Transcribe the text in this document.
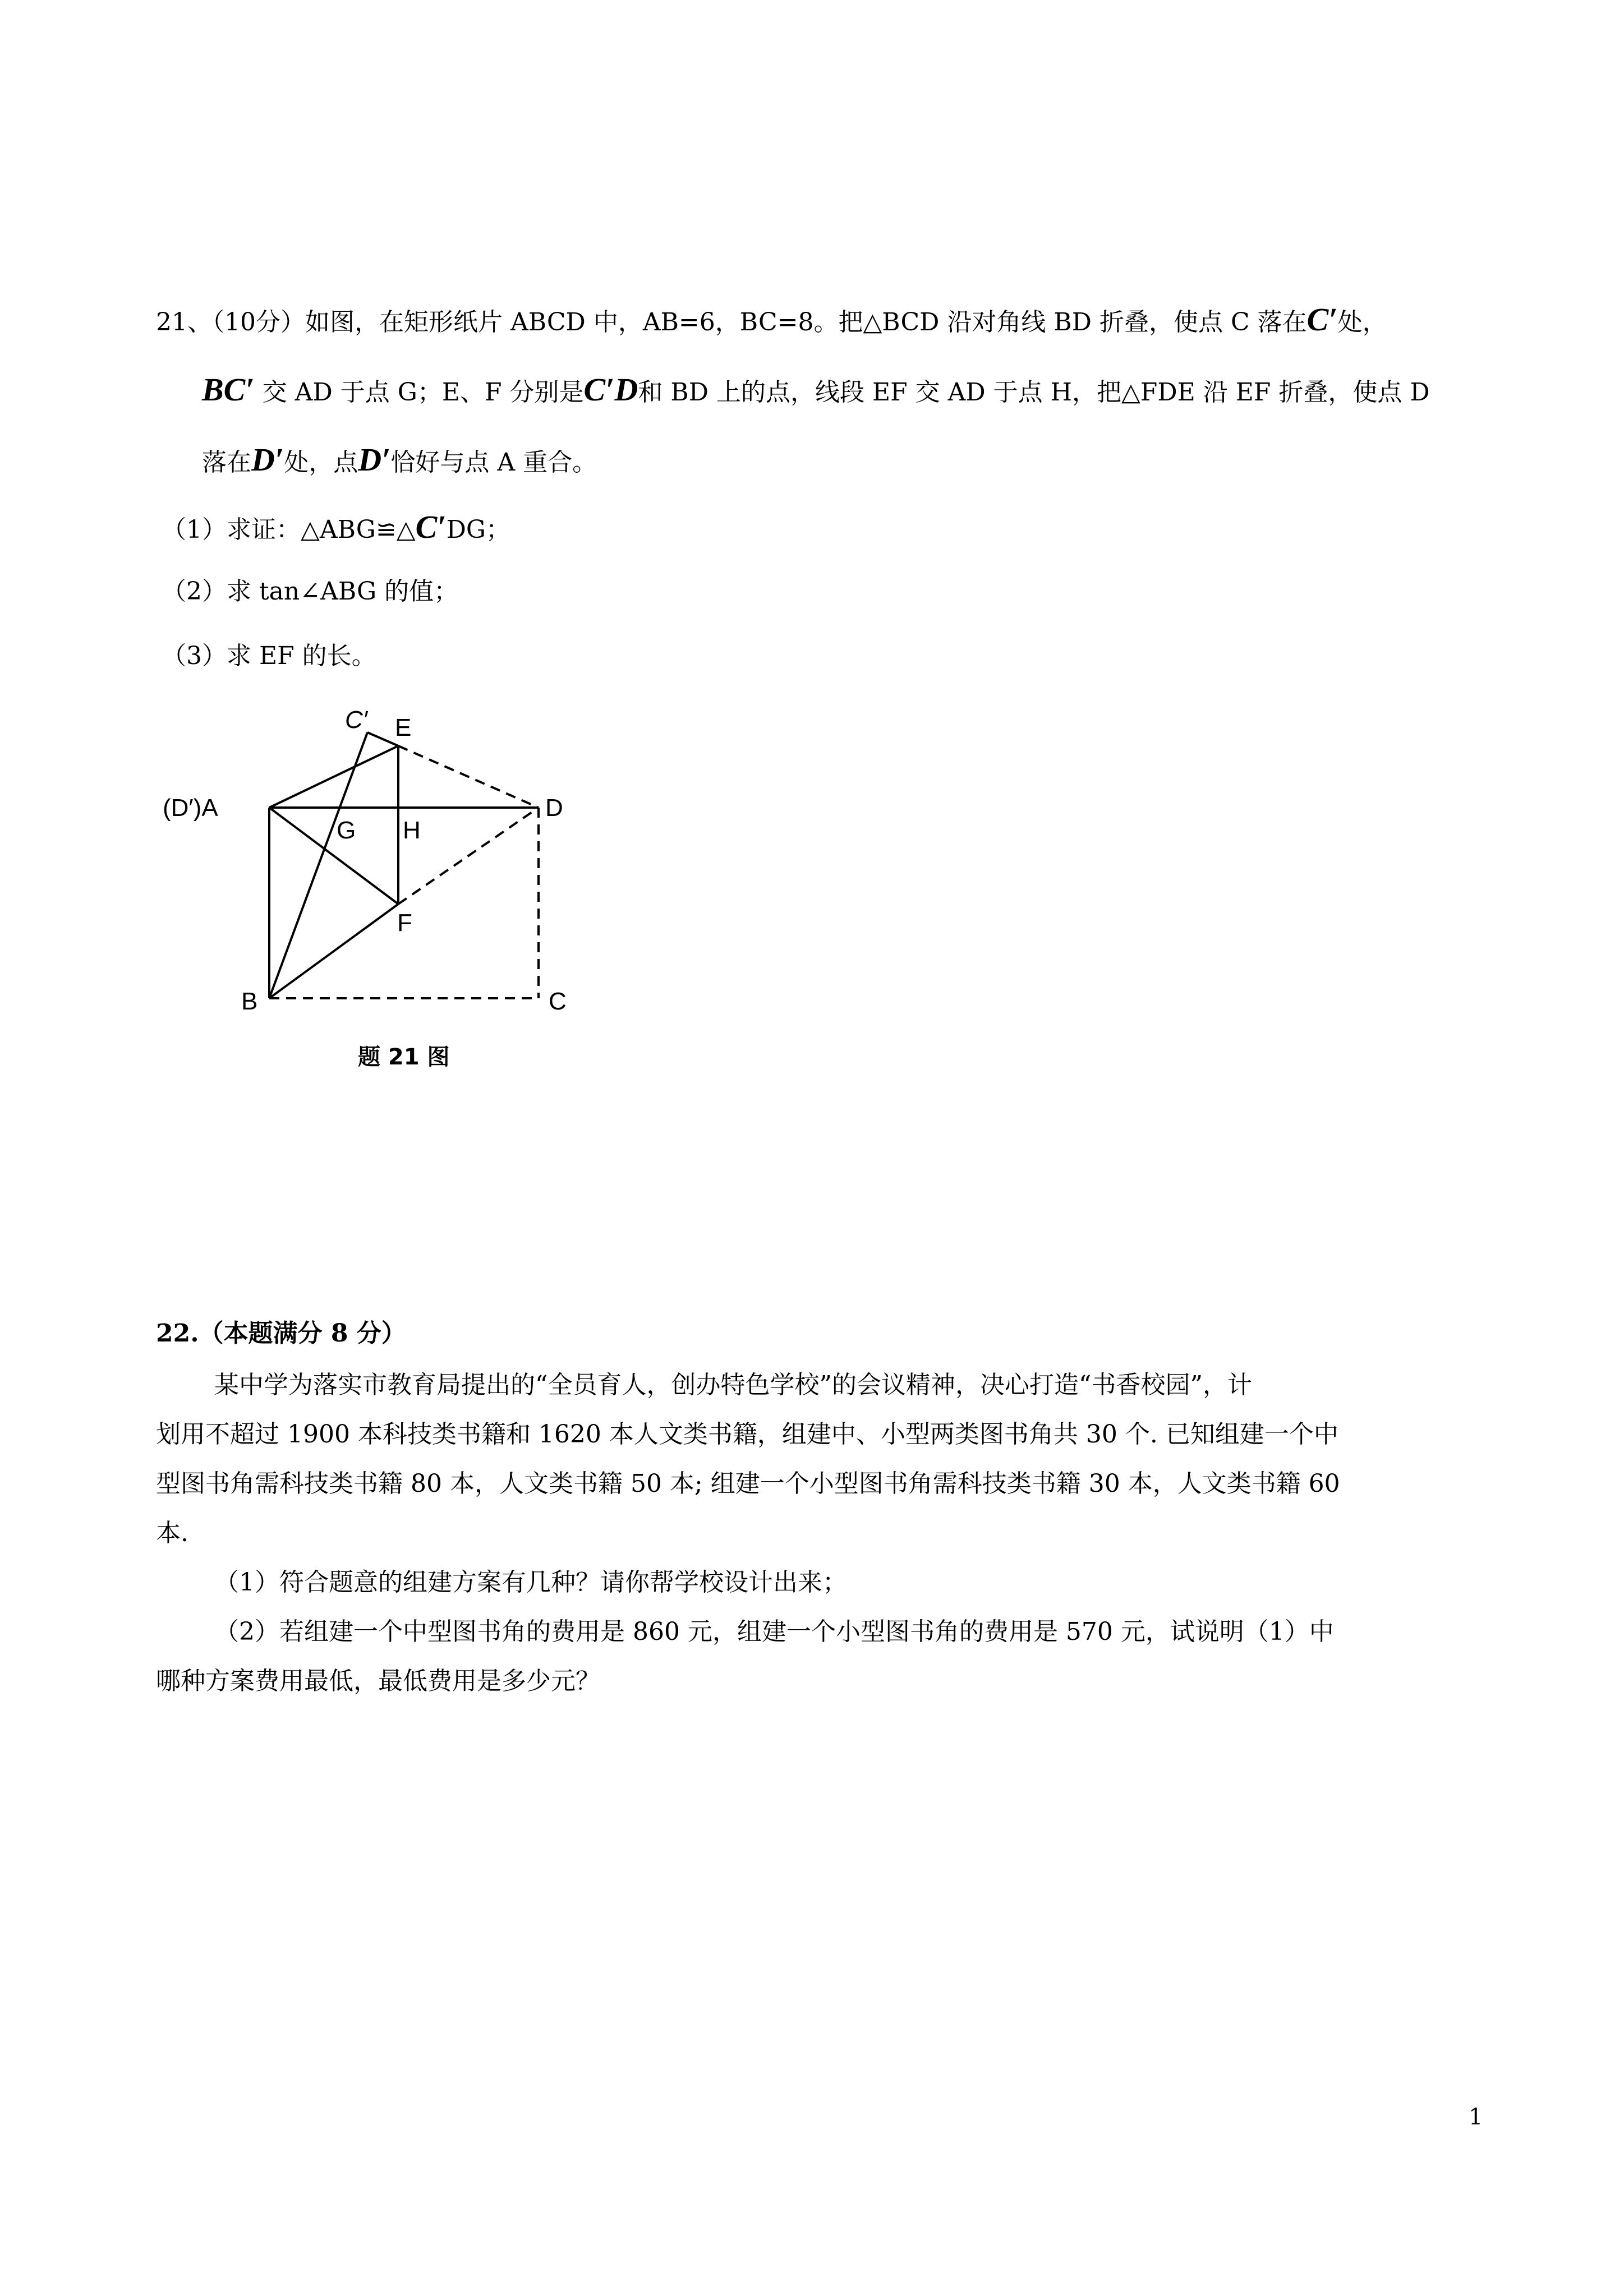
21、（10分）如图，在矩形纸片 ABCD 中，AB=6，BC=8。把△BCD 沿对角线 BD 折叠，使点 C 落在C′处，
BC′ 交 AD 于点 G；E、F 分别是C′D和 BD 上的点，线段 EF 交 AD 于点 H，把△FDE 沿 EF 折叠，使点 D
落在D′处，点D′恰好与点 A 重合。
（1）求证：△ABG≌△C′DG；
（2）求 tan∠ABG 的值；
（3）求 EF 的长。
C′ E
(D′)A
G H
D
F
B	C
题 21 图
22.（本题满分 8 分）
某中学为落实市教育局提出的“全员育人，创办特色学校”的会议精神，决心打造“书香校园”，计
划用不超过 1900 本科技类书籍和 1620 本人文类书籍，组建中、小型两类图书角共 30 个. 已知组建一个中
型图书角需科技类书籍 80 本，人文类书籍 50 本; 组建一个小型图书角需科技类书籍 30 本，人文类书籍 60
本.
（1）符合题意的组建方案有几种？请你帮学校设计出来；
（2）若组建一个中型图书角的费用是 860 元，组建一个小型图书角的费用是 570 元，试说明（1）中
哪种方案费用最低，最低费用是多少元？
1
